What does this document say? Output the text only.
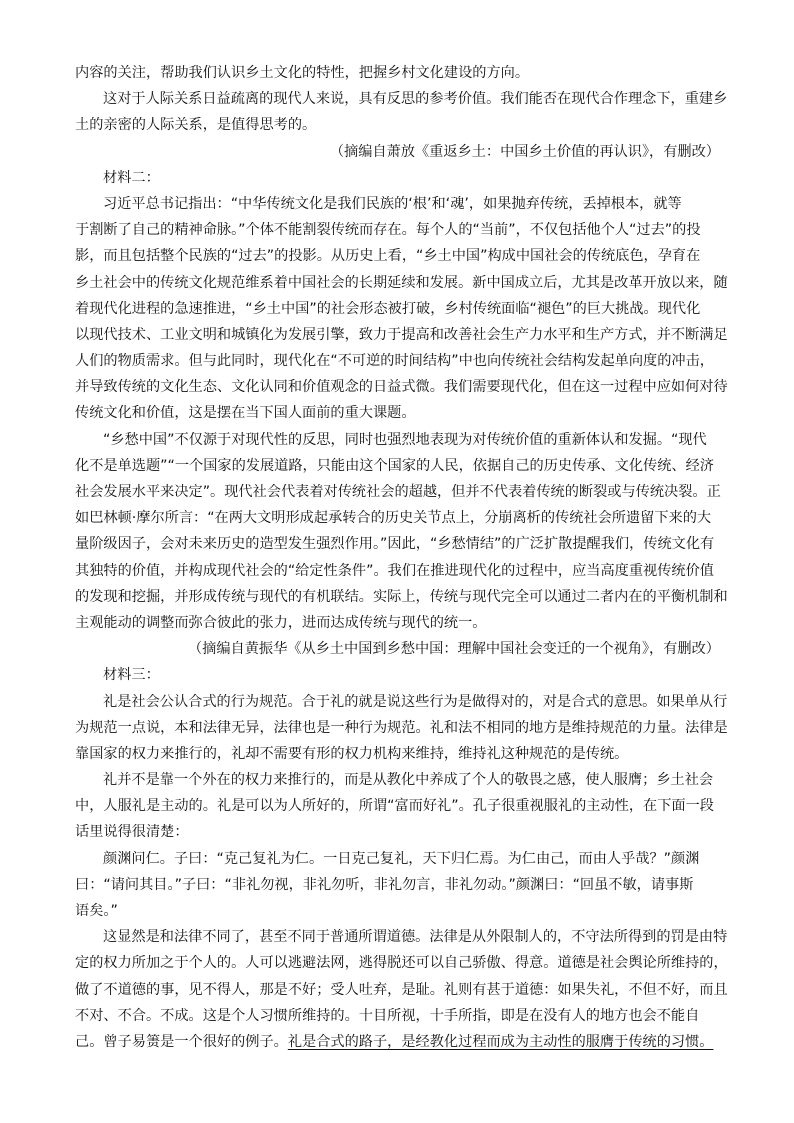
内容的关注，帮助我们认识乡土文化的特性，把握乡村文化建设的方向。

这对于人际关系日益疏离的现代人来说，具有反思的参考价值。我们能否在现代合作理念下，重建乡

土的亲密的人际关系，是值得思考的。

（摘编自萧放《重返乡土：中国乡土价值的再认识》，有删改）

材料二：

习近平总书记指出：“中华传统文化是我们民族的‘根’和‘魂’，如果抛弃传统，丢掉根本，就等

于割断了自己的精神命脉。”个体不能割裂传统而存在。每个人的“当前”，不仅包括他个人“过去”的投

影，而且包括整个民族的“过去”的投影。从历史上看，“乡土中国”构成中国社会的传统底色，孕育在

乡土社会中的传统文化规范维系着中国社会的长期延续和发展。新中国成立后，尤其是改革开放以来，随

着现代化进程的急速推进，“乡土中国”的社会形态被打破，乡村传统面临“褪色”的巨大挑战。现代化

以现代技术、工业文明和城镇化为发展引擎，致力于提高和改善社会生产力水平和生产方式，并不断满足

人们的物质需求。但与此同时，现代化在“不可逆的时间结构”中也向传统社会结构发起单向度的冲击，

并导致传统的文化生态、文化认同和价值观念的日益式微。我们需要现代化，但在这一过程中应如何对待

传统文化和价值，这是摆在当下国人面前的重大课题。

“乡愁中国”不仅源于对现代性的反思，同时也强烈地表现为对传统价值的重新体认和发掘。“现代

化不是单选题”“一个国家的发展道路，只能由这个国家的人民，依据自己的历史传承、文化传统、经济

社会发展水平来决定”。现代社会代表着对传统社会的超越，但并不代表着传统的断裂或与传统决裂。正

如巴林顿·摩尔所言：“在两大文明形成起承转合的历史关节点上，分崩离析的传统社会所遗留下来的大

量阶级因子，会对未来历史的造型发生强烈作用。”因此，“乡愁情结”的广泛扩散提醒我们，传统文化有

其独特的价值，并构成现代社会的“给定性条件”。我们在推进现代化的过程中，应当高度重视传统价值

的发现和挖掘，并形成传统与现代的有机联结。实际上，传统与现代完全可以通过二者内在的平衡机制和

主观能动的调整而弥合彼此的张力，进而达成传统与现代的统一。

（摘编自黄振华《从乡土中国到乡愁中国：理解中国社会变迁的一个视角》，有删改）

材料三：

礼是社会公认合式的行为规范。合于礼的就是说这些行为是做得对的，对是合式的意思。如果单从行

为规范一点说，本和法律无异，法律也是一种行为规范。礼和法不相同的地方是维持规范的力量。法律是

靠国家的权力来推行的，礼却不需要有形的权力机构来维持，维持礼这种规范的是传统。

礼并不是靠一个外在的权力来推行的，而是从教化中养成了个人的敬畏之感，使人服膺；乡土社会

中，人服礼是主动的。礼是可以为人所好的，所谓“富而好礼”。孔子很重视服礼的主动性，在下面一段

话里说得很清楚：

颜渊问仁。子曰：“克己复礼为仁。一日克己复礼，天下归仁焉。为仁由己，而由人乎哉？”颜渊

曰：“请问其目。”子曰：“非礼勿视，非礼勿听，非礼勿言，非礼勿动。”颜渊曰：“回虽不敏，请事斯

语矣。”

这显然是和法律不同了，甚至不同于普通所谓道德。法律是从外限制人的，不守法所得到的罚是由特

定的权力所加之于个人的。人可以逃避法网，逃得脱还可以自己骄傲、得意。道德是社会舆论所维持的，

做了不道德的事，见不得人，那是不好；受人吐弃，是耻。礼则有甚于道德：如果失礼，不但不好，而且

不对、不合。不成。这是个人习惯所维持的。十目所视，十手所指，即是在没有人的地方也会不能自

己。曾子易箦是一个很好的例子。礼是合式的路子，是经教化过程而成为主动性的服膺于传统的习惯。
